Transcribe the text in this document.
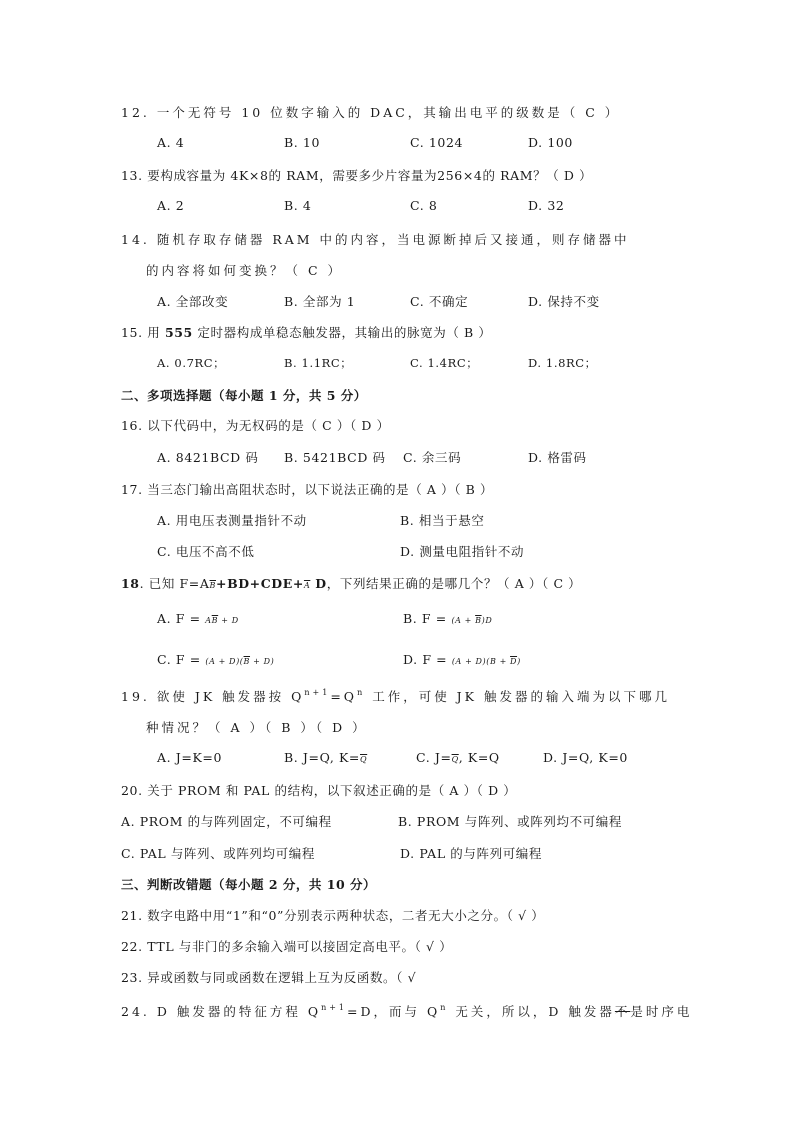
12. 一个无符号 10 位数字输入的 DAC，其输出电平的级数是（ C ）
A. 4	B. 10	C. 1024	D. 100
13. 要构成容量为 4K×8的 RAM，需要多少片容量为256×4的 RAM？（ D ）
A. 2	B. 4	C. 8	D. 32
14. 随机存取存储器 RAM 中的内容，当电源断掉后又接通，则存储器中
的内容将如何变换？（ C ）
A. 全部改变	B. 全部为 1	C. 不确定	D. 保持不变
15. 用 555 定时器构成单稳态触发器，其输出的脉宽为（ B ）
A. 0.7RC；	B. 1.1RC；	C. 1.4RC；	D. 1.8RC；
二、多项选择题（每小题 1 分，共 5 分）
16. 以下代码中，为无权码的是（ C ）（ D ）
A. 8421BCD 码 B. 5421BCD 码 C. 余三码	D. 格雷码
17. 当三态门输出高阻状态时，以下说法正确的是（ A ）（ B ）
A. 用电压表测量指针不动	B. 相当于悬空
C. 电压不高不低	D. 测量电阻指针不动
18. 已知 $F=A\overline{B}+BD+CDE+\overline{A}$ D，下列结果正确的是哪几个？（ A ）（ C ）
A. $F = A\overline{B} + D$	B. $F = (A + \overline{B})D$
C. $F = (A + D)(\overline{B} + D)$	D. $F = (A + D)(B + \overline{D})$
19. 欲使 JK 触发器按 $Q^{n+1}=Q^n$ 工作，可使 JK 触发器的输入端为以下哪几
种情况？（ A ）（ B ）（ D ）
A. J=K=0	B. J=Q, $K=\overline{Q}$	C. $J=\overline{Q}$, K=Q	D. J=Q, K=0
20. 关于 PROM 和 PAL 的结构，以下叙述正确的是（ A ）（ D ）
A. PROM 的与阵列固定，不可编程	B. PROM 与阵列、或阵列均不可编程
C. PAL 与阵列、或阵列均可编程	D. PAL 的与阵列可编程
三、判断改错题（每小题 2 分，共 10 分）
21. 数字电路中用“1”和“0”分别表示两种状态，二者无大小之分。（ √ ）
22. TTL 与非门的多余输入端可以接固定高电平。（ √ ）
23. 异或函数与同或函数在逻辑上互为反函数。（ √
24. D 触发器的特征方程 $Q^{n+1}=D$，而与 $Q^n$ 无关，所以，D 触发器不是时序电
